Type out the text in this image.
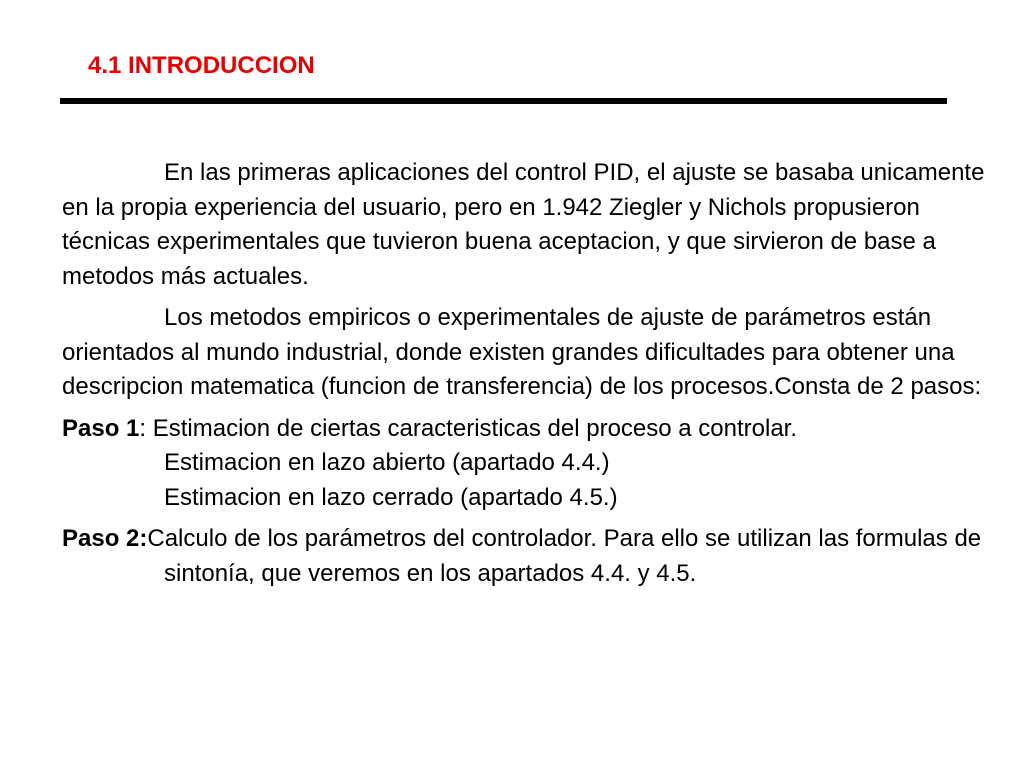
4.1 INTRODUCCION

En las primeras aplicaciones del control PID, el ajuste se basaba unicamente en la propia experiencia del usuario, pero en 1.942 Ziegler y Nichols propusieron técnicas experimentales que tuvieron buena aceptacion, y que sirvieron de base a metodos más actuales.

Los metodos empiricos o experimentales de ajuste de parámetros están orientados al mundo industrial, donde existen grandes dificultades para obtener una descripcion matematica (funcion de transferencia) de los procesos.Consta de 2 pasos:

Paso 1: Estimacion de ciertas caracteristicas del proceso a controlar.
Estimacion en lazo abierto (apartado 4.4.)
Estimacion en lazo cerrado (apartado 4.5.)

Paso 2:Calculo de los parámetros del controlador. Para ello se utilizan las formulas de sintonía, que veremos en los apartados 4.4. y 4.5.
